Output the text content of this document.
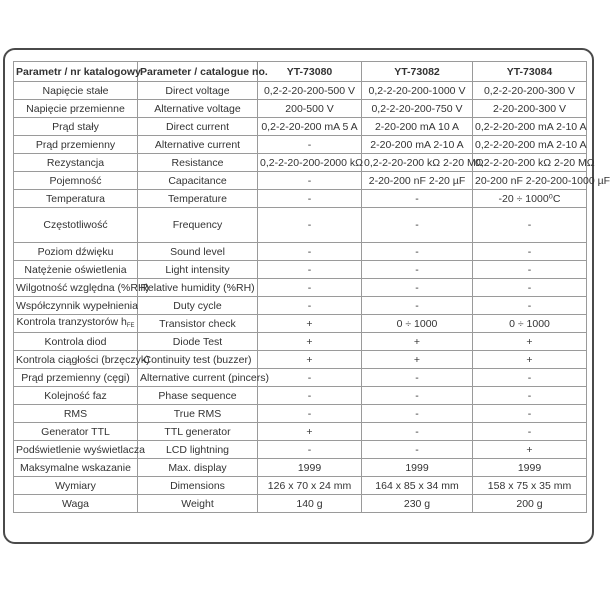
Parametr / nr katalogowy	Parameter / catalogue no.	YT-73080	YT-73082	YT-73084
Napięcie stałe	Direct voltage	0,2-2-20-200-500 V	0,2-2-20-200-1000 V	0,2-2-20-200-300 V
Napięcie przemienne	Alternative voltage	200-500 V	0,2-2-20-200-750 V	2-20-200-300 V
Prąd stały	Direct current	0,2-2-20-200 mA 5 A	2-20-200 mA 10 A	0,2-2-20-200 mA 2-10 A
Prąd przemienny	Alternative current	-	2-20-200 mA 2-10 A	0,2-2-20-200 mA 2-10 A
Rezystancja	Resistance	0,2-2-20-200-2000 kΩ	0,2-2-20-200 kΩ 2-20 MΩ	0,2-2-20-200 kΩ 2-20 MΩ
Pojemność	Capacitance	-	2-20-200 nF 2-20 µF	20-200 nF 2-20-200-1000 µF
Temperatura	Temperature	-	-	-20 ÷ 1000⁰C
Częstotliwość	Frequency	-	-	-
Poziom dźwięku	Sound level	-	-	-
Natężenie oświetlenia	Light intensity	-	-	-
Wilgotność względna (%RH)	Relative humidity (%RH)	-	-	-
Współczynnik wypełnienia	Duty cycle	-	-	-
Kontrola tranzystorów $h_{FE}$	Transistor check	+	0 ÷ 1000	0 ÷ 1000
Kontrola diod	Diode Test	+	+	+
Kontrola ciągłości (brzęczyk)	Continuity test (buzzer)	+	+	+
Prąd przemienny (cęgi)	Alternative current (pincers)	-	-	-
Kolejność faz	Phase sequence	-	-	-
RMS	True RMS	-	-	-
Generator TTL	TTL generator	+	-	-
Podświetlenie wyświetlacza	LCD lightning	-	-	+
Maksymalne wskazanie	Max. display	1999	1999	1999
Wymiary	Dimensions	126 x 70 x 24 mm	164 x 85 x 34 mm	158 x 75 x 35 mm
Waga	Weight	140 g	230 g	200 g
